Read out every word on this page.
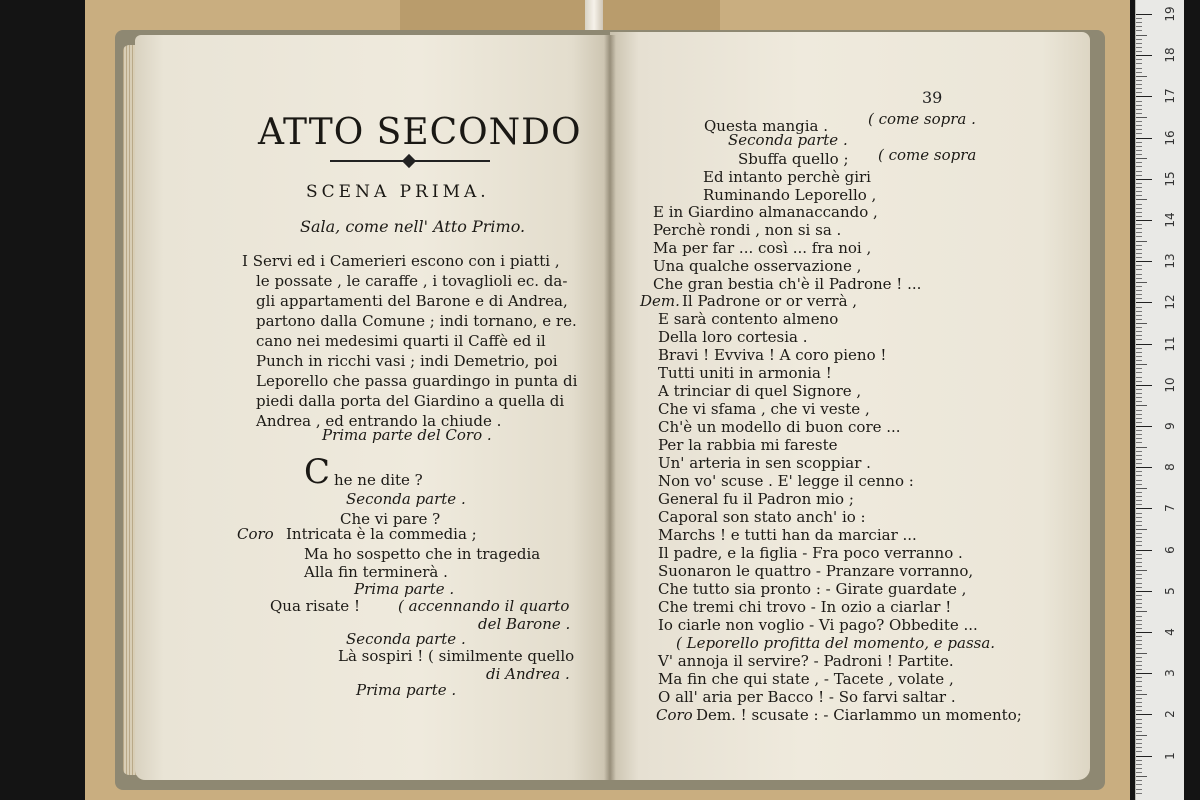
19
18
17
16
15
14
13
12
11
10
9
8
7
6
5
4
3
2
1
ATTO SECONDO
SCENA PRIMA.
Sala, come nell' Atto Primo.
I Servi ed i Camerieri escono con i piatti ,
le possate , le caraffe , i tovaglioli ec. da-
gli appartamenti del Barone e di Andrea,
partono dalla Comune ; indi tornano, e re.
cano nei medesimi quarti il Caffè ed il
Punch in ricchi vasi ; indi Demetrio, poi
Leporello che passa guardingo in punta di
piedi dalla porta del Giardino a quella di
Andrea , ed entrando la chiude .
Prima parte del Coro .
C he ne dite ?
Seconda parte .
Che vi pare ?
Coro Intricata è la commedia ;
Ma ho sospetto che in tragedia
Alla fin terminerà .
Prima parte .
Qua risate !	( accennando il quarto
del Barone .
Seconda parte .
Là sospiri ! ( similmente quello
di Andrea .
Prima parte .
39
Questa mangia .	( come sopra .
Seconda parte .
Sbuffa quello ; ( come sopra
Ed intanto perchè giri
Ruminando Leporello ,
E in Giardino almanaccando ,
Perchè rondi , non si sa .
Ma per far ... così ... fra noi ,
Una qualche osservazione ,
Che gran bestia ch'è il Padrone ! ...
Dem. Il Padrone or or verrà ,
E sarà contento almeno
Della loro cortesia .
Bravi ! Evviva ! A coro pieno !
Tutti uniti in armonia !
A trinciar di quel Signore ,
Che vi sfama , che vi veste ,
Ch'è un modello di buon core ...
Per la rabbia mi fareste
Un' arteria in sen scoppiar .
Non vo' scuse . E' legge il cenno :
General fu il Padron mio ;
Caporal son stato anch' io :
Marchs ! e tutti han da marciar ...
Il padre, e la figlia - Fra poco verranno .
Suonaron le quattro - Pranzare vorranno,
Che tutto sia pronto : - Girate guardate ,
Che tremi chi trovo - In ozio a ciarlar !
Io ciarle non voglio - Vi pago? Obbedite ...
( Leporello profitta del momento, e passa.
V' annoja il servire? - Padroni ! Partite.
Ma fin che qui state , - Tacete , volate ,
O all' aria per Bacco ! - So farvi saltar .
Coro Dem. ! scusate : - Ciarlammo un momento;
